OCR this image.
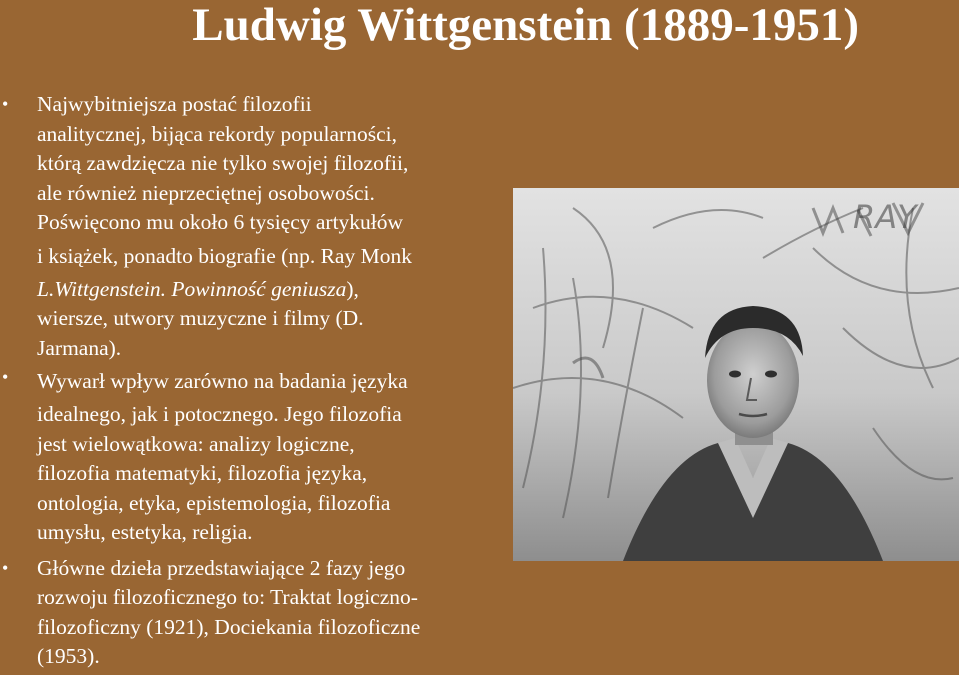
Ludwig Wittgenstein (1889-1951)
• Najwybitniejsza postać filozofii
analitycznej, bijąca rekordy popularności,
którą zawdzięcza nie tylko swojej filozofii,
ale również nieprzeciętnej osobowości.
Poświęcono mu około 6 tysięcy artykułów
i książek, ponadto biografie (np. Ray Monk
L.Wittgenstein. Powinność geniusza),
wiersze, utwory muzyczne i filmy (D.
Jarmana).
• Wywarł wpływ zarówno na badania języka
idealnego, jak i potocznego. Jego filozofia
jest wielowątkowa: analizy logiczne,
filozofia matematyki, filozofia języka,
ontologia, etyka, epistemologia, filozofia
umysłu, estetyka, religia.
• Główne dzieła przedstawiające 2 fazy jego
rozwoju filozoficznego to: Traktat logiczno-
filozoficzny (1921), Dociekania filozoficzne
(1953).
RAY
